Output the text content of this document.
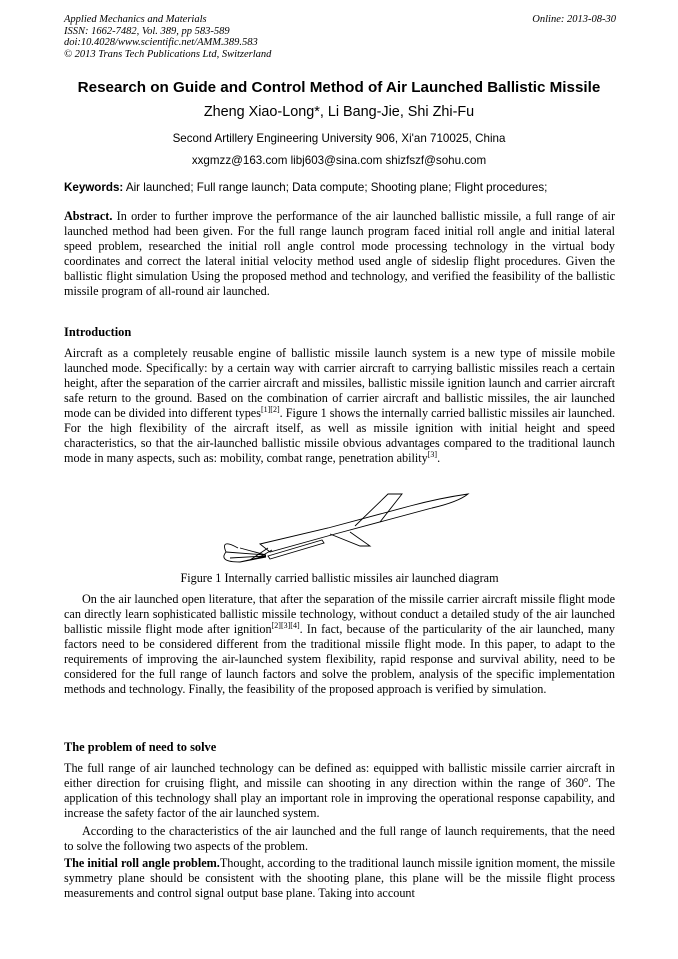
Applied Mechanics and Materials
ISSN: 1662-7482, Vol. 389, pp 583-589
doi:10.4028/www.scientific.net/AMM.389.583
© 2013 Trans Tech Publications Ltd, Switzerland
Online: 2013-08-30
Research on Guide and Control Method of Air Launched Ballistic Missile
Zheng Xiao-Long*, Li Bang-Jie, Shi Zhi-Fu
Second Artillery Engineering University 906, Xi'an 710025, China
xxgmzz@163.com libj603@sina.com shizfszf@sohu.com
Keywords: Air launched; Full range launch; Data compute; Shooting plane; Flight procedures;
Abstract. In order to further improve the performance of the air launched ballistic missile, a full range of air launched method had been given. For the full range launch program faced initial roll angle and initial lateral speed problem, researched the initial roll angle control mode processing technology in the virtual body coordinates and correct the lateral initial velocity method used angle of sideslip flight procedures. Given the ballistic flight simulation Using the proposed method and technology, and verified the feasibility of the ballistic missile program of all-round air launched.
Introduction
Aircraft as a completely reusable engine of ballistic missile launch system is a new type of missile mobile launched mode. Specifically: by a certain way with carrier aircraft to carrying ballistic missiles reach a certain height, after the separation of the carrier aircraft and missiles, ballistic missile ignition launch and carrier aircraft safe return to the ground. Based on the combination of carrier aircraft and ballistic missiles, the air launched mode can be divided into different types[1][2]. Figure 1 shows the internally carried ballistic missiles air launched. For the high flexibility of the aircraft itself, as well as missile ignition with initial height and speed characteristics, so that the air-launched ballistic missile obvious advantages compared to the traditional launch mode in many aspects, such as: mobility, combat range, penetration ability[3].
Figure 1 Internally carried ballistic missiles air launched diagram
On the air launched open literature, that after the separation of the missile carrier aircraft missile flight mode can directly learn sophisticated ballistic missile technology, without conduct a detailed study of the air launched ballistic missile flight mode after ignition[2][3][4]. In fact, because of the particularity of the air launched, many factors need to be considered different from the traditional missile flight mode. In this paper, to adapt to the requirements of improving the air-launched system flexibility, rapid response and survival ability, need to be considered for the full range of launch factors and solve the problem, analysis of the specific implementation methods and technology. Finally, the feasibility of the proposed approach is verified by simulation.
The problem of need to solve
The full range of air launched technology can be defined as: equipped with ballistic missile carrier aircraft in either direction for cruising flight, and missile can shooting in any direction within the range of 360$^o$. The application of this technology shall play an important role in improving the operational response capability, and increase the safety factor of the air launched system.
According to the characteristics of the air launched and the full range of launch requirements, that the need to solve the following two aspects of the problem.
The initial roll angle problem.Thought, according to the traditional launch missile ignition moment, the missile symmetry plane should be consistent with the shooting plane, this plane will be the missile flight process measurements and control signal output base plane. Taking into account
